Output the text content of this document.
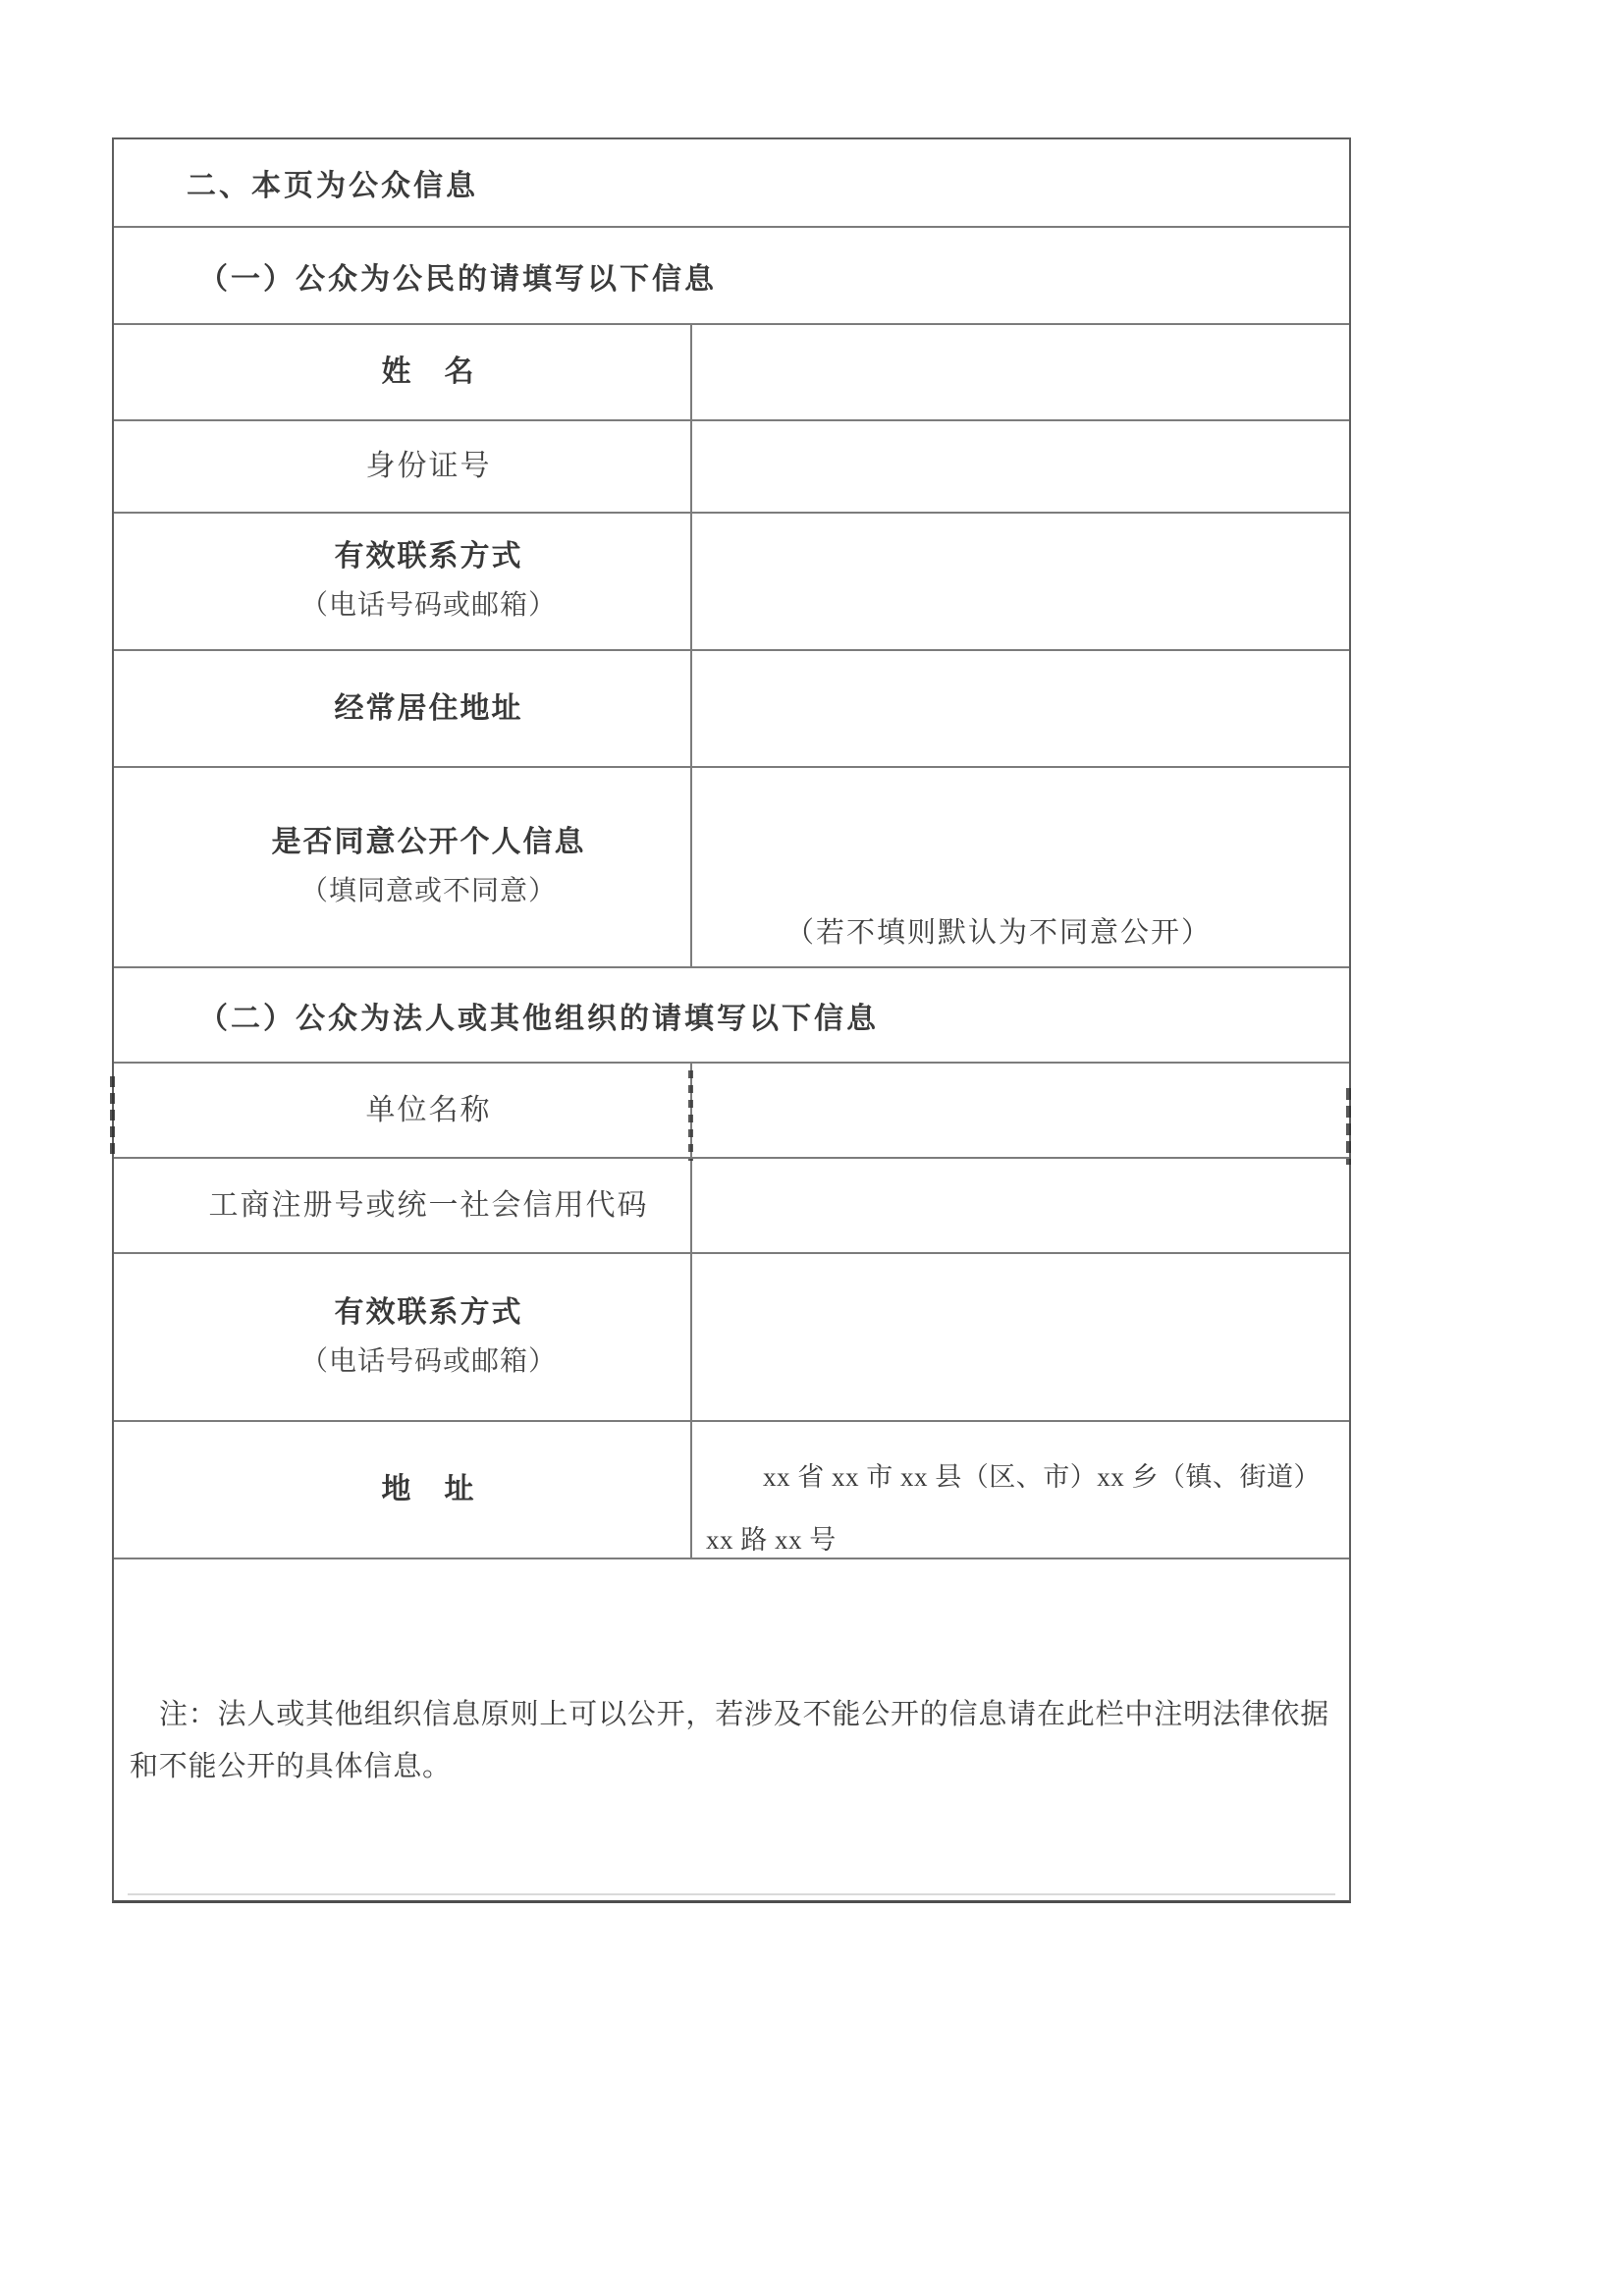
二、本页为公众信息
（一）公众为公民的请填写以下信息
姓　名
身份证号
有效联系方式
（电话号码或邮箱）
经常居住地址
是否同意公开个人信息
（填同意或不同意）
（若不填则默认为不同意公开）
（二）公众为法人或其他组织的请填写以下信息
单位名称
工商注册号或统一社会信用代码
有效联系方式
（电话号码或邮箱）
地　址	xx 省 xx 市 xx 县（区、市）xx 乡（镇、街道）
xx 路 xx 号
注：法人或其他组织信息原则上可以公开，若涉及不能公开的信息请在此栏中注明法律依据和不能公开的具体信息。
